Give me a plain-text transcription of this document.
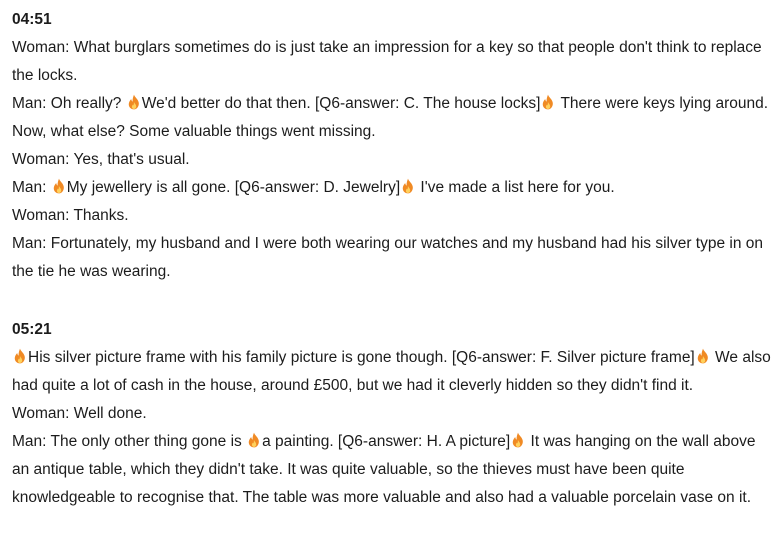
04:51

Woman: What burglars sometimes do is just take an impression for a key so that people don't think to replace the locks.

Man: Oh really?
We'd better do that then. [Q6-answer: C. The house locks]
There were keys lying around. Now, what else? Some valuable things went missing.

Woman: Yes, that's usual.

Man:
My jewellery is all gone. [Q6-answer: D. Jewelry]
I've made a list here for you.

Woman: Thanks.

Man: Fortunately, my husband and I were both wearing our watches and my husband had his silver type in on the tie he was wearing.

05:21

His silver picture frame with his family picture is gone though. [Q6-answer: F. Silver picture frame]
We also had quite a lot of cash in the house, around £500, but we had it cleverly hidden so they didn't find it.

Woman: Well done.

Man: The only other thing gone is
a painting. [Q6-answer: H. A picture]
It was hanging on the wall above an antique table, which they didn't take. It was quite valuable, so the thieves must have been quite knowledgeable to recognise that. The table was more valuable and also had a valuable porcelain vase on it.
